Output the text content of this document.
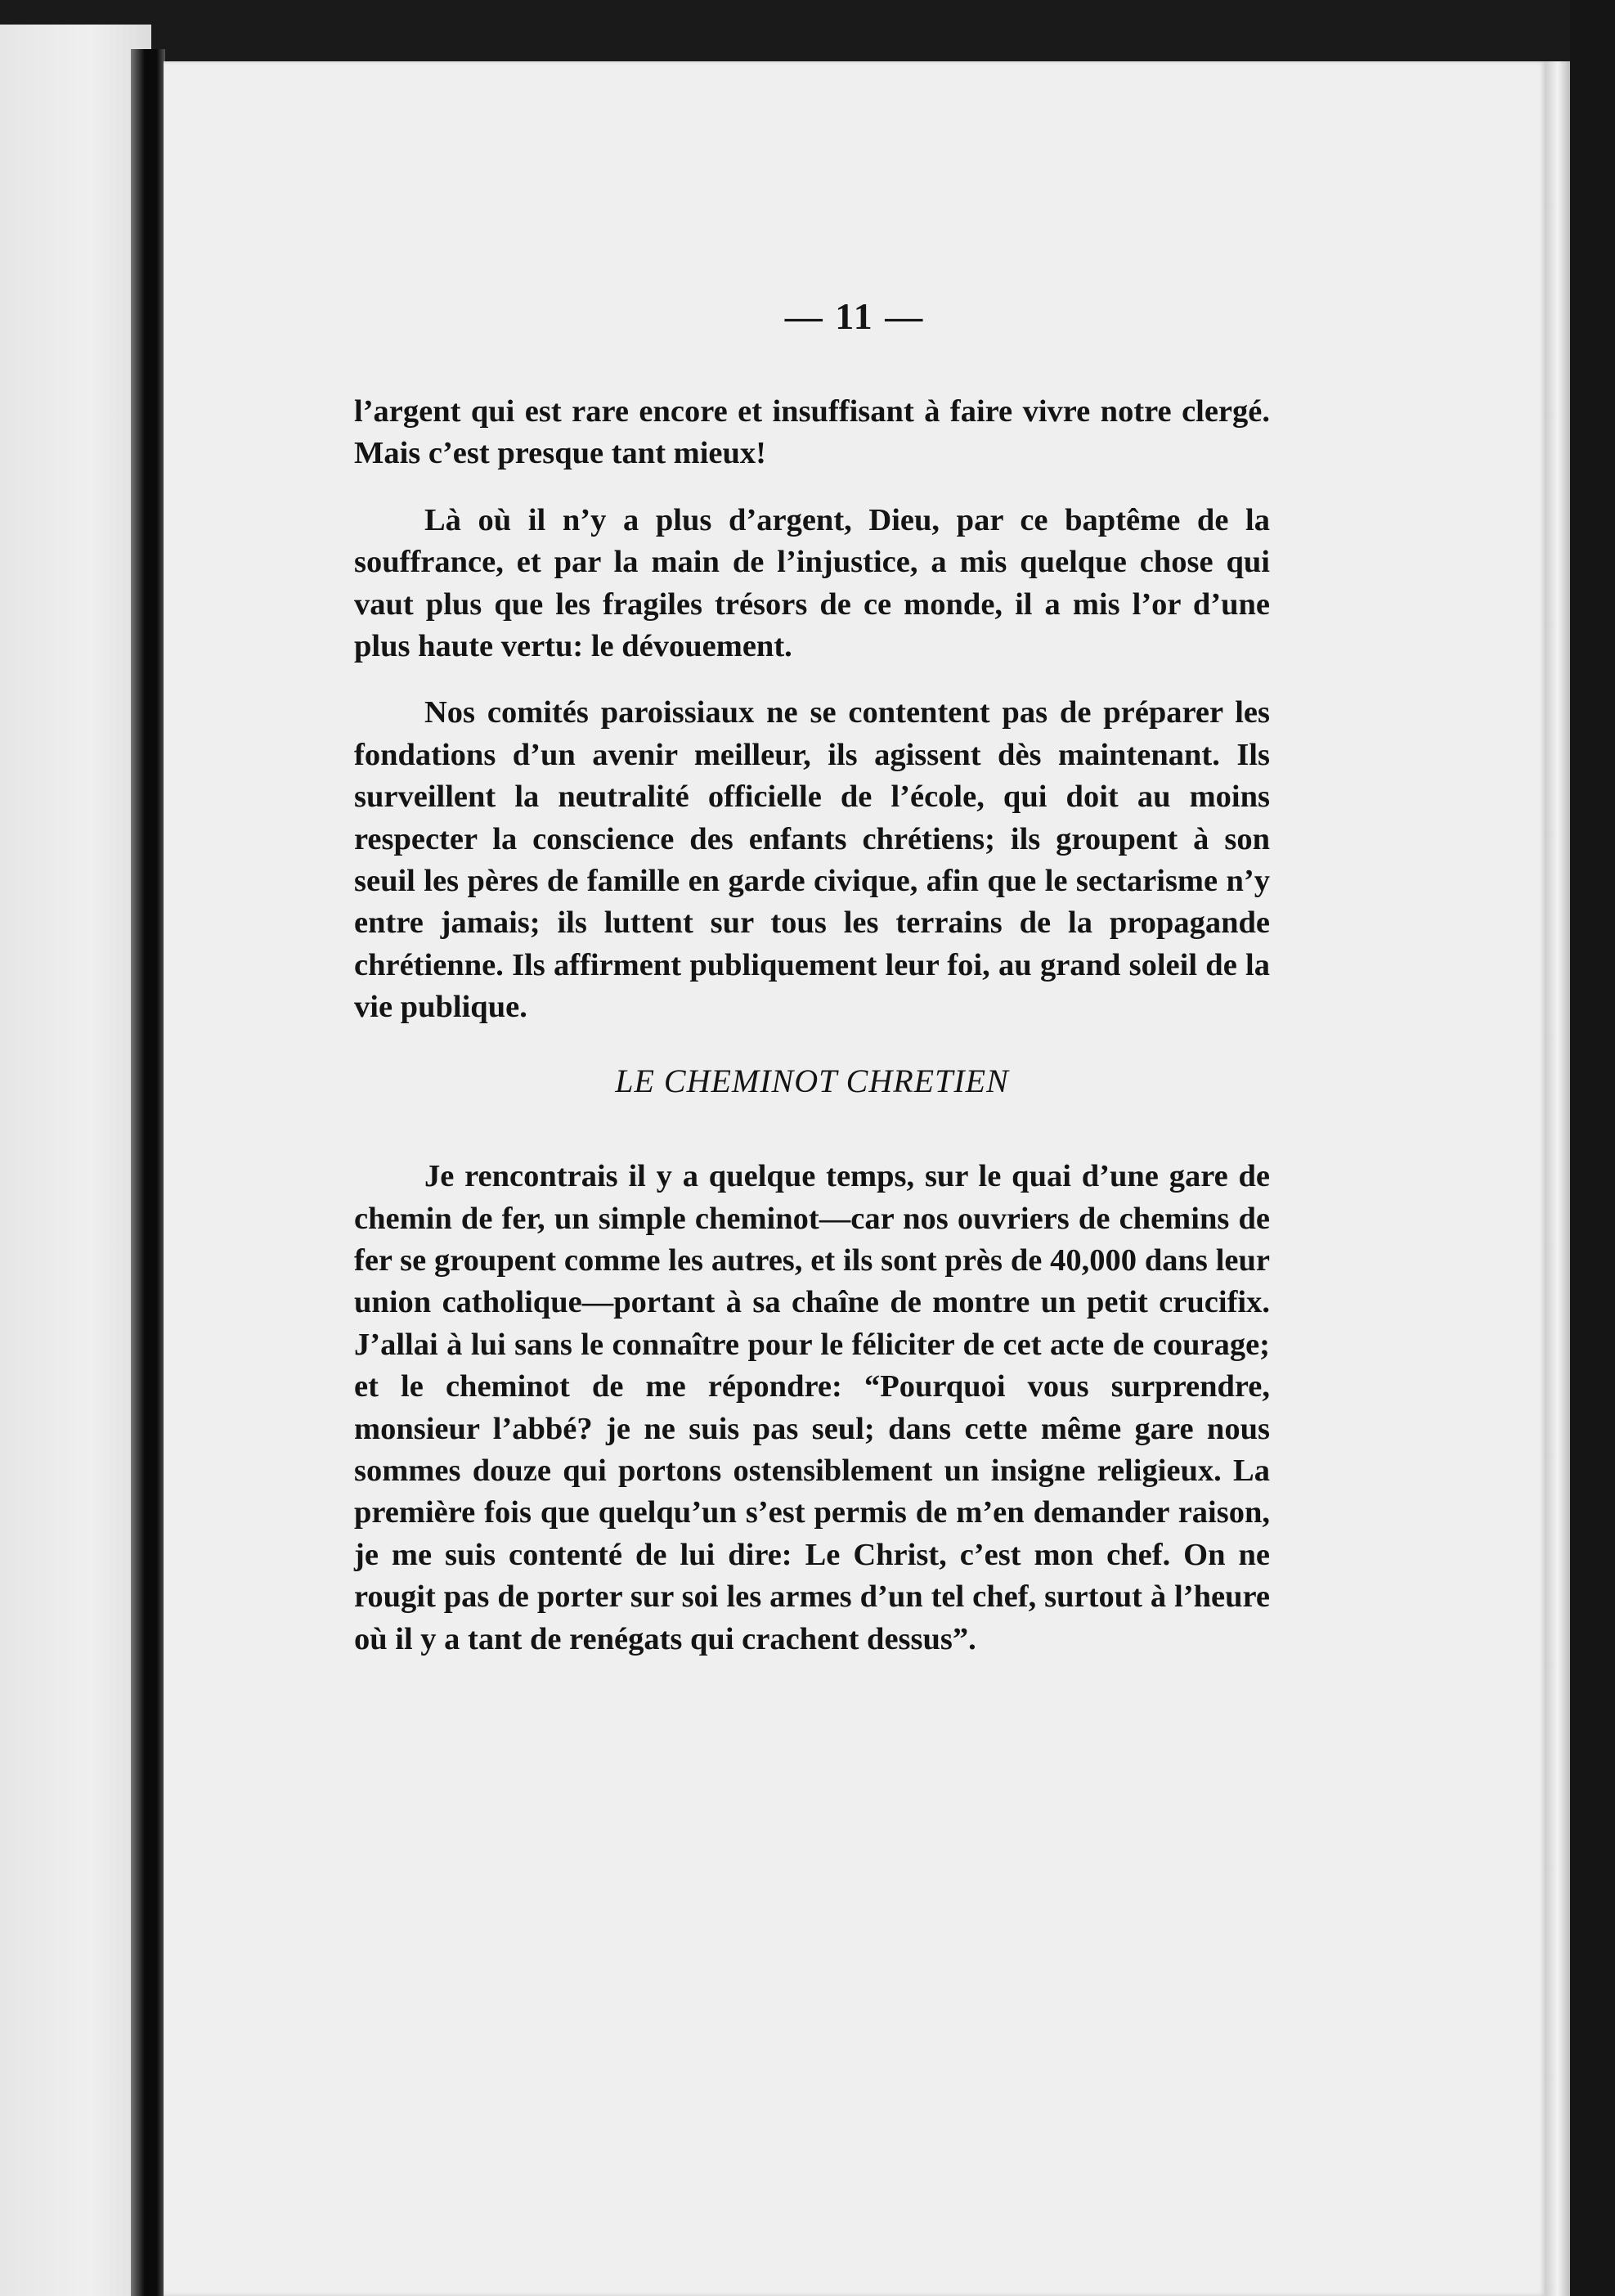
— 11 —

l’argent qui est rare encore et insuffisant à faire vivre notre clergé. Mais c’est presque tant mieux!

Là où il n’y a plus d’argent, Dieu, par ce baptême de la souffrance, et par la main de l’injustice, a mis quelque chose qui vaut plus que les fragiles trésors de ce monde, il a mis l’or d’une plus haute vertu: le dévouement.

Nos comités paroissiaux ne se contentent pas de préparer les fondations d’un avenir meilleur, ils agissent dès maintenant. Ils surveillent la neutralité officielle de l’école, qui doit au moins respecter la conscience des enfants chrétiens; ils groupent à son seuil les pères de famille en garde civique, afin que le sectarisme n’y entre jamais; ils luttent sur tous les terrains de la propagande chrétienne. Ils affirment publiquement leur foi, au grand soleil de la vie publique.

LE CHEMINOT CHRETIEN

Je rencontrais il y a quelque temps, sur le quai d’une gare de chemin de fer, un simple cheminot—car nos ouvriers de chemins de fer se groupent comme les autres, et ils sont près de 40,000 dans leur union catholique—portant à sa chaîne de montre un petit crucifix. J’allai à lui sans le connaître pour le féliciter de cet acte de courage; et le cheminot de me répondre: “Pourquoi vous surprendre, monsieur l’abbé? je ne suis pas seul; dans cette même gare nous sommes douze qui portons ostensiblement un insigne religieux. La première fois que quelqu’un s’est permis de m’en demander raison, je me suis contenté de lui dire: Le Christ, c’est mon chef. On ne rougit pas de porter sur soi les armes d’un tel chef, surtout à l’heure où il y a tant de renégats qui crachent dessus”.
